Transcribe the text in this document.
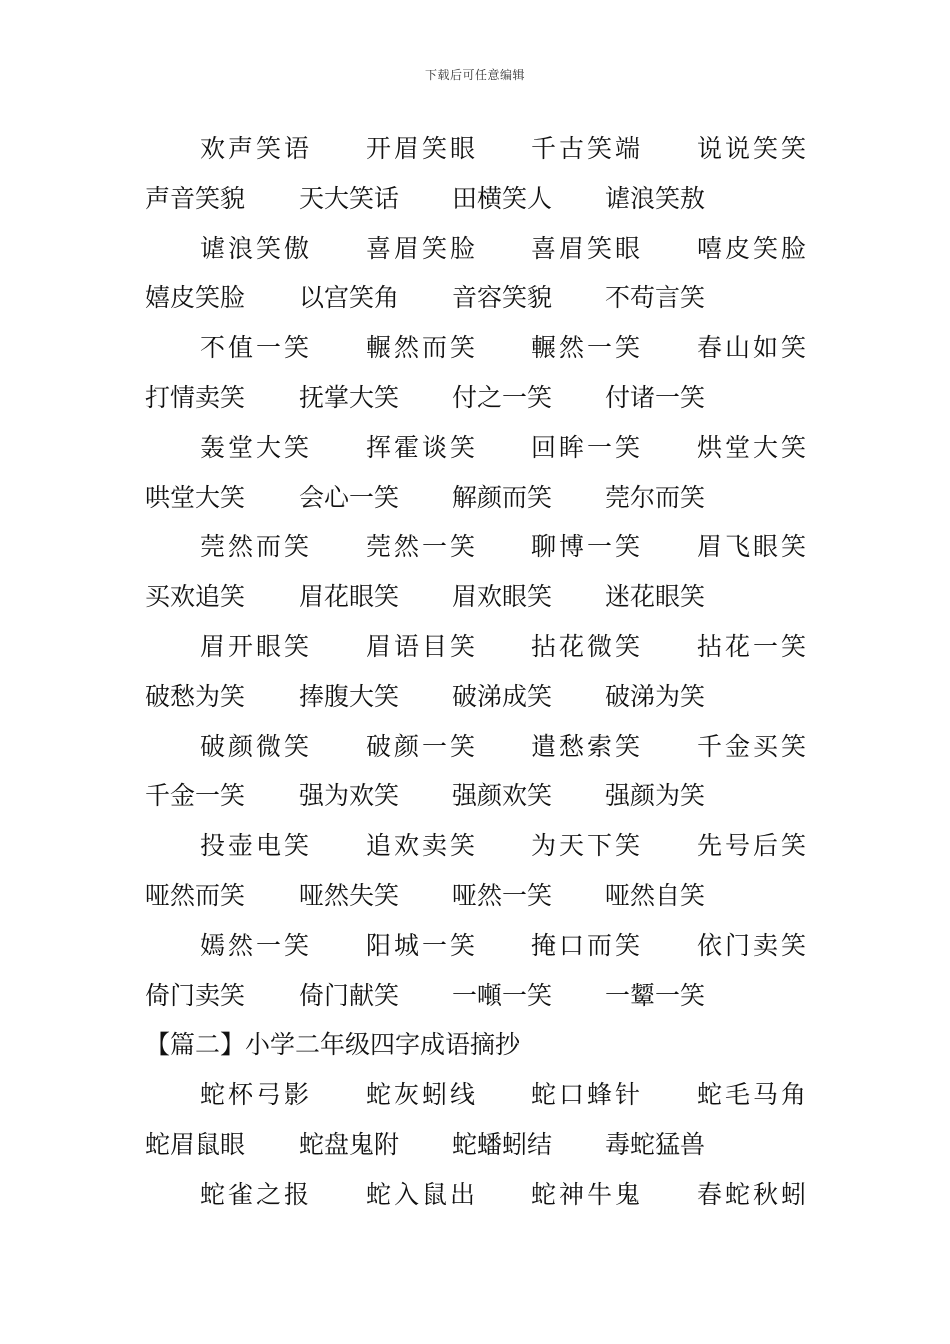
下载后可任意编辑
欢声笑语 开眉笑眼 千古笑端 说说笑笑
声音笑貌 天大笑话 田横笑人 谑浪笑敖
谑浪笑傲 喜眉笑脸 喜眉笑眼 嘻皮笑脸
嬉皮笑脸 以宫笑角 音容笑貌 不苟言笑
不值一笑 輾然而笑 輾然一笑 春山如笑
打情卖笑 抚掌大笑 付之一笑 付诸一笑
轰堂大笑 挥霍谈笑 回眸一笑 烘堂大笑
哄堂大笑 会心一笑 解颜而笑 莞尔而笑
莞然而笑 莞然一笑 聊博一笑 眉飞眼笑
买欢追笑 眉花眼笑 眉欢眼笑 迷花眼笑
眉开眼笑 眉语目笑 拈花微笑 拈花一笑
破愁为笑 捧腹大笑 破涕成笑 破涕为笑
破颜微笑 破颜一笑 遣愁索笑 千金买笑
千金一笑 强为欢笑 强颜欢笑 强颜为笑
投壶电笑 追欢卖笑 为天下笑 先号后笑
哑然而笑 哑然失笑 哑然一笑 哑然自笑
嫣然一笑 阳城一笑 掩口而笑 依门卖笑
倚门卖笑 倚门献笑 一噸一笑 一颦一笑
【篇二】小学二年级四字成语摘抄
蛇杯弓影 蛇灰蚓线 蛇口蜂针 蛇毛马角
蛇眉鼠眼 蛇盘鬼附 蛇蟠蚓结 毒蛇猛兽
蛇雀之报 蛇入鼠出 蛇神牛鬼 春蛇秋蚓
